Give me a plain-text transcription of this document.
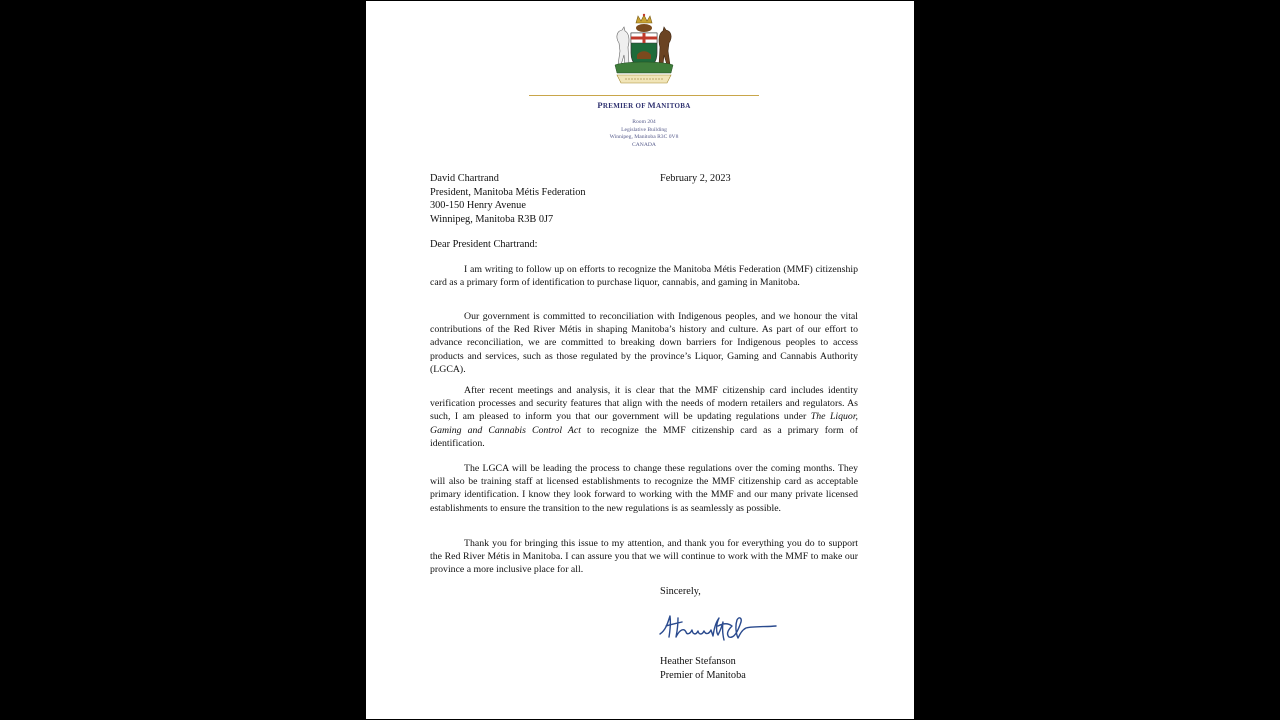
PREMIER OF MANITOBA
Room 204
Legislative Building
Winnipeg, Manitoba R3C 0V8
CANADA
David Chartrand
President, Manitoba Métis Federation
300-150 Henry Avenue
Winnipeg, Manitoba R3B 0J7
February 2, 2023
Dear President Chartrand:

I am writing to follow up on efforts to recognize the Manitoba Métis Federation (MMF) citizenship card as a primary form of identification to purchase liquor, cannabis, and gaming in Manitoba.

Our government is committed to reconciliation with Indigenous peoples, and we honour the vital contributions of the Red River Métis in shaping Manitoba’s history and culture. As part of our effort to advance reconciliation, we are committed to breaking down barriers for Indigenous peoples to access products and services, such as those regulated by the province’s Liquor, Gaming and Cannabis Authority (LGCA).

After recent meetings and analysis, it is clear that the MMF citizenship card includes identity verification processes and security features that align with the needs of modern retailers and regulators. As such, I am pleased to inform you that our government will be updating regulations under The Liquor, Gaming and Cannabis Control Act to recognize the MMF citizenship card as a primary form of identification.

The LGCA will be leading the process to change these regulations over the coming months. They will also be training staff at licensed establishments to recognize the MMF citizenship card as acceptable primary identification. I know they look forward to working with the MMF and our many private licensed establishments to ensure the transition to the new regulations is as seamlessly as possible.

Thank you for bringing this issue to my attention, and thank you for everything you do to support the Red River Métis in Manitoba. I can assure you that we will continue to work with the MMF to make our province a more inclusive place for all.

Sincerely,
Heather Stefanson
Premier of Manitoba
